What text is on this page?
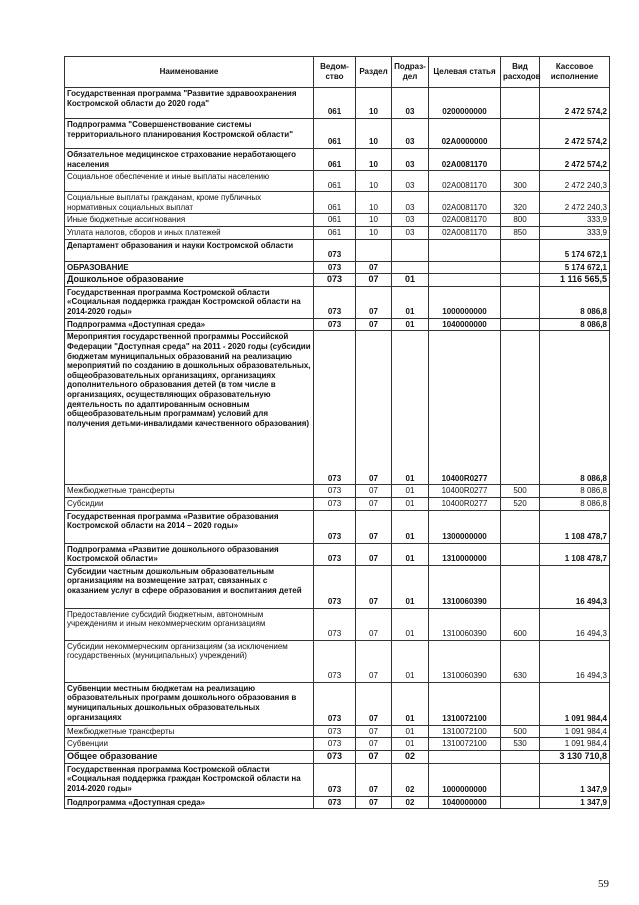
Наименование	Ведом-ство	Раздел	Подраз-дел	Целевая статья	Вид расходов	Кассовое исполнение
Государственная программа "Развитие здравоохранения Костромской области до 2020 года"	061	10	03	0200000000		2 472 574,2
Подпрограмма "Совершенствование системы территориального планирования Костромской области"	061	10	03	02А0000000		2 472 574,2
Обязательное медицинское страхование неработающего населения	061	10	03	02А0081170		2 472 574,2
Социальное обеспечение и иные выплаты населению	061	10	03	02А0081170	300	2 472 240,3
Социальные выплаты гражданам, кроме публичных нормативных социальных выплат	061	10	03	02А0081170	320	2 472 240,3
Иные бюджетные ассигнования	061	10	03	02А0081170	800	333,9
Уплата налогов, сборов и иных платежей	061	10	03	02А0081170	850	333,9
Департамент образования и науки Костромской области	073					5 174 672,1
ОБРАЗОВАНИЕ	073	07				5 174 672,1
Дошкольное образование	073	07	01			1 116 565,5
Государственная программа Костромской области «Социальная поддержка граждан Костромской области на 2014-2020 годы»	073	07	01	1000000000		8 086,8
Подпрограмма «Доступная среда»	073	07	01	1040000000		8 086,8
Мероприятия государственной программы Российской Федерации "Доступная среда" на 2011 - 2020 годы (субсидии бюджетам муниципальных образований на реализацию мероприятий по созданию в дошкольных образовательных, общеобразовательных организациях, организациях дополнительного образования детей (в том числе в организациях, осуществляющих образовательную деятельность по адаптированным основным общеобразовательным программам) условий для получения детьми-инвалидами качественного образования)	073	07	01	10400R0277		8 086,8
Межбюджетные трансферты	073	07	01	10400R0277	500	8 086,8
Субсидии	073	07	01	10400R0277	520	8 086,8
Государственная программа «Развитие образования Костромской области на 2014 – 2020 годы»	073	07	01	1300000000		1 108 478,7
Подпрограмма «Развитие дошкольного образования Костромской области»	073	07	01	1310000000		1 108 478,7
Субсидии частным дошкольным образовательным организациям на возмещение затрат, связанных с оказанием услуг в сфере образования и воспитания детей	073	07	01	1310060390		16 494,3
Предоставление субсидий бюджетным, автономным учреждениям и иным некоммерческим организациям	073	07	01	1310060390	600	16 494,3
Субсидии некоммерческим организациям (за исключением государственных (муниципальных) учреждений)	073	07	01	1310060390	630	16 494,3
Субвенции местным бюджетам на реализацию образовательных программ дошкольного образования в муниципальных дошкольных образовательных организациях	073	07	01	1310072100		1 091 984,4
Межбюджетные трансферты	073	07	01	1310072100	500	1 091 984,4
Субвенции	073	07	01	1310072100	530	1 091 984,4
Общее образование	073	07	02			3 130 710,8
Государственная программа Костромской области «Социальная поддержка граждан Костромской области на 2014-2020 годы»	073	07	02	1000000000		1 347,9
Подпрограмма «Доступная среда»	073	07	02	1040000000		1 347,9
59
